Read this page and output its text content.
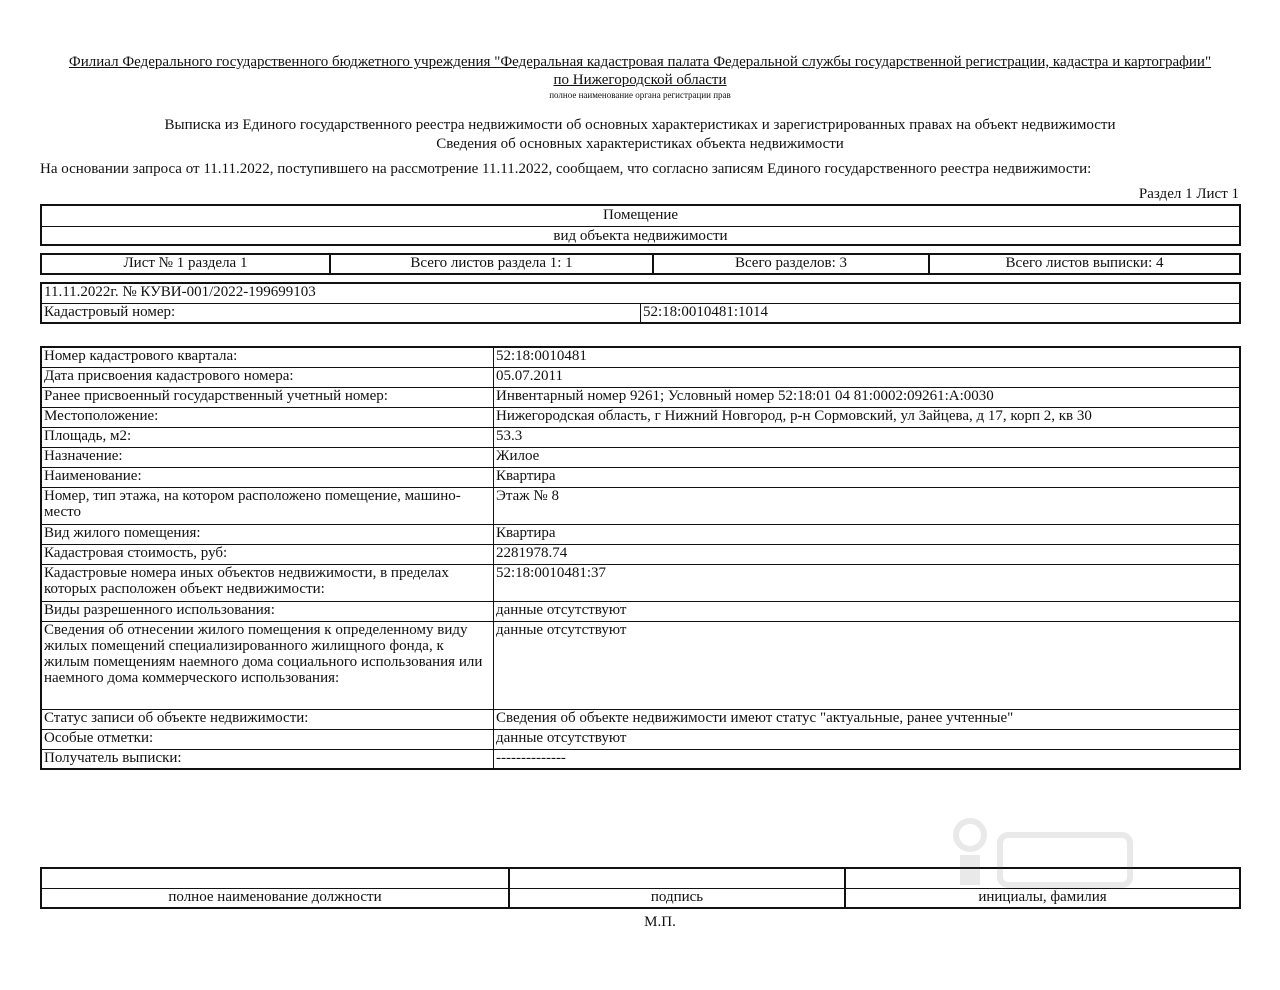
Филиал Федерального государственного бюджетного учреждения "Федеральная кадастровая палата Федеральной службы государственной регистрации, кадастра и картографии" по Нижегородской области
полное наименование органа регистрации прав
Выписка из Единого государственного реестра недвижимости об основных характеристиках и зарегистрированных правах на объект недвижимости
Сведения об основных характеристиках объекта недвижимости
На основании запроса от 11.11.2022, поступившего на рассмотрение 11.11.2022, сообщаем, что согласно записям Единого государственного реестра недвижимости:
Раздел 1 Лист 1
Помещение
вид объекта недвижимости
Лист № 1 раздела 1	Всего листов раздела 1: 1	Всего разделов: 3	Всего листов выписки: 4
11.11.2022г. № КУВИ-001/2022-199699103
Кадастровый номер:	52:18:0010481:1014
Номер кадастрового квартала:	52:18:0010481
Дата присвоения кадастрового номера:	05.07.2011
Ранее присвоенный государственный учетный номер:	Инвентарный номер 9261; Условный номер 52:18:01 04 81:0002:09261:А:0030
Местоположение:	Нижегородская область, г Нижний Новгород, р-н Сормовский, ул Зайцева, д 17, корп 2, кв 30
Площадь, м2:	53.3
Назначение:	Жилое
Наименование:	Квартира
Номер, тип этажа, на котором расположено помещение, машино-место	Этаж № 8
Вид жилого помещения:	Квартира
Кадастровая стоимость, руб:	2281978.74
Кадастровые номера иных объектов недвижимости, в пределах которых расположен объект недвижимости:	52:18:0010481:37
Виды разрешенного использования:	данные отсутствуют
Сведения об отнесении жилого помещения к определенному виду жилых помещений специализированного жилищного фонда, к жилым помещениям наемного дома социального использования или наемного дома коммерческого использования:	данные отсутствуют
Статус записи об объекте недвижимости:	Сведения об объекте недвижимости имеют статус "актуальные, ранее учтенные"
Особые отметки:	данные отсутствуют
Получатель выписки:	--------------

полное наименование должности	подпись	инициалы, фамилия
М.П.
